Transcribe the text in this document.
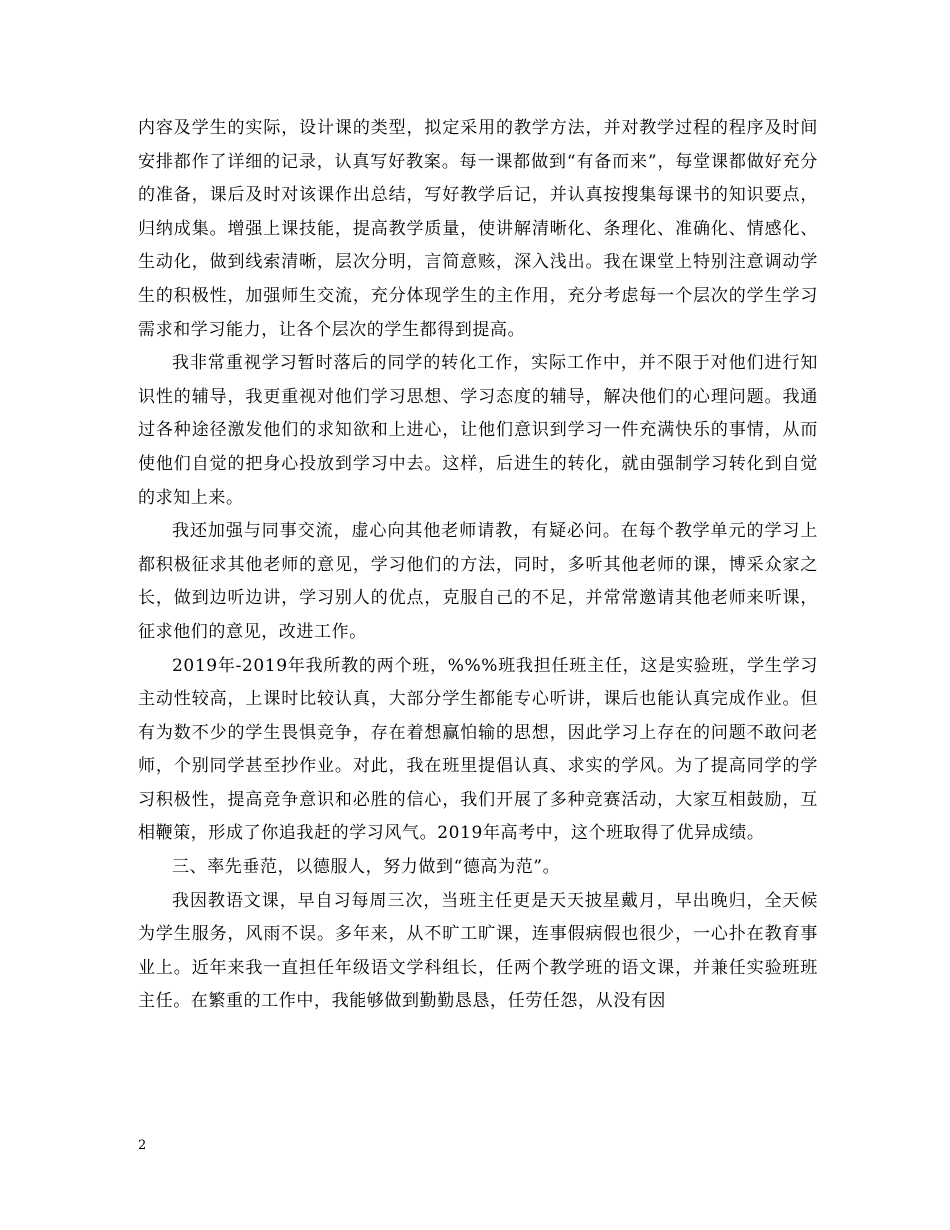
内容及学生的实际，设计课的类型，拟定采用的教学方法，并对教学过程的程序及时间安排都作了详细的记录，认真写好教案。每一课都做到“有备而来”，每堂课都做好充分的准备，课后及时对该课作出总结，写好教学后记，并认真按搜集每课书的知识要点，归纳成集。增强上课技能，提高教学质量，使讲解清晰化、条理化、准确化、情感化、生动化，做到线索清晰，层次分明，言简意赅，深入浅出。我在课堂上特别注意调动学生的积极性，加强师生交流，充分体现学生的主作用，充分考虑每一个层次的学生学习需求和学习能力，让各个层次的学生都得到提高。

我非常重视学习暂时落后的同学的转化工作，实际工作中，并不限于对他们进行知识性的辅导，我更重视对他们学习思想、学习态度的辅导，解决他们的心理问题。我通过各种途径激发他们的求知欲和上进心，让他们意识到学习一件充满快乐的事情，从而使他们自觉的把身心投放到学习中去。这样，后进生的转化，就由强制学习转化到自觉的求知上来。

我还加强与同事交流，虚心向其他老师请教，有疑必问。在每个教学单元的学习上都积极征求其他老师的意见，学习他们的方法，同时，多听其他老师的课，博采众家之长，做到边听边讲，学习别人的优点，克服自己的不足，并常常邀请其他老师来听课，征求他们的意见，改进工作。

2019年-2019年我所教的两个班，%%%班我担任班主任，这是实验班，学生学习主动性较高，上课时比较认真，大部分学生都能专心听讲，课后也能认真完成作业。但有为数不少的学生畏惧竞争，存在着想赢怕输的思想，因此学习上存在的问题不敢问老师，个别同学甚至抄作业。对此，我在班里提倡认真、求实的学风。为了提高同学的学习积极性，提高竞争意识和必胜的信心，我们开展了多种竞赛活动，大家互相鼓励，互相鞭策，形成了你追我赶的学习风气。2019年高考中，这个班取得了优异成绩。

三、率先垂范，以德服人，努力做到“德高为范”。

我因教语文课，早自习每周三次，当班主任更是天天披星戴月，早出晚归，全天候为学生服务，风雨不误。多年来，从不旷工旷课，连事假病假也很少，一心扑在教育事业上。近年来我一直担任年级语文学科组长，任两个教学班的语文课，并兼任实验班班主任。在繁重的工作中，我能够做到勤勤恳恳，任劳任怨，从没有因

2
